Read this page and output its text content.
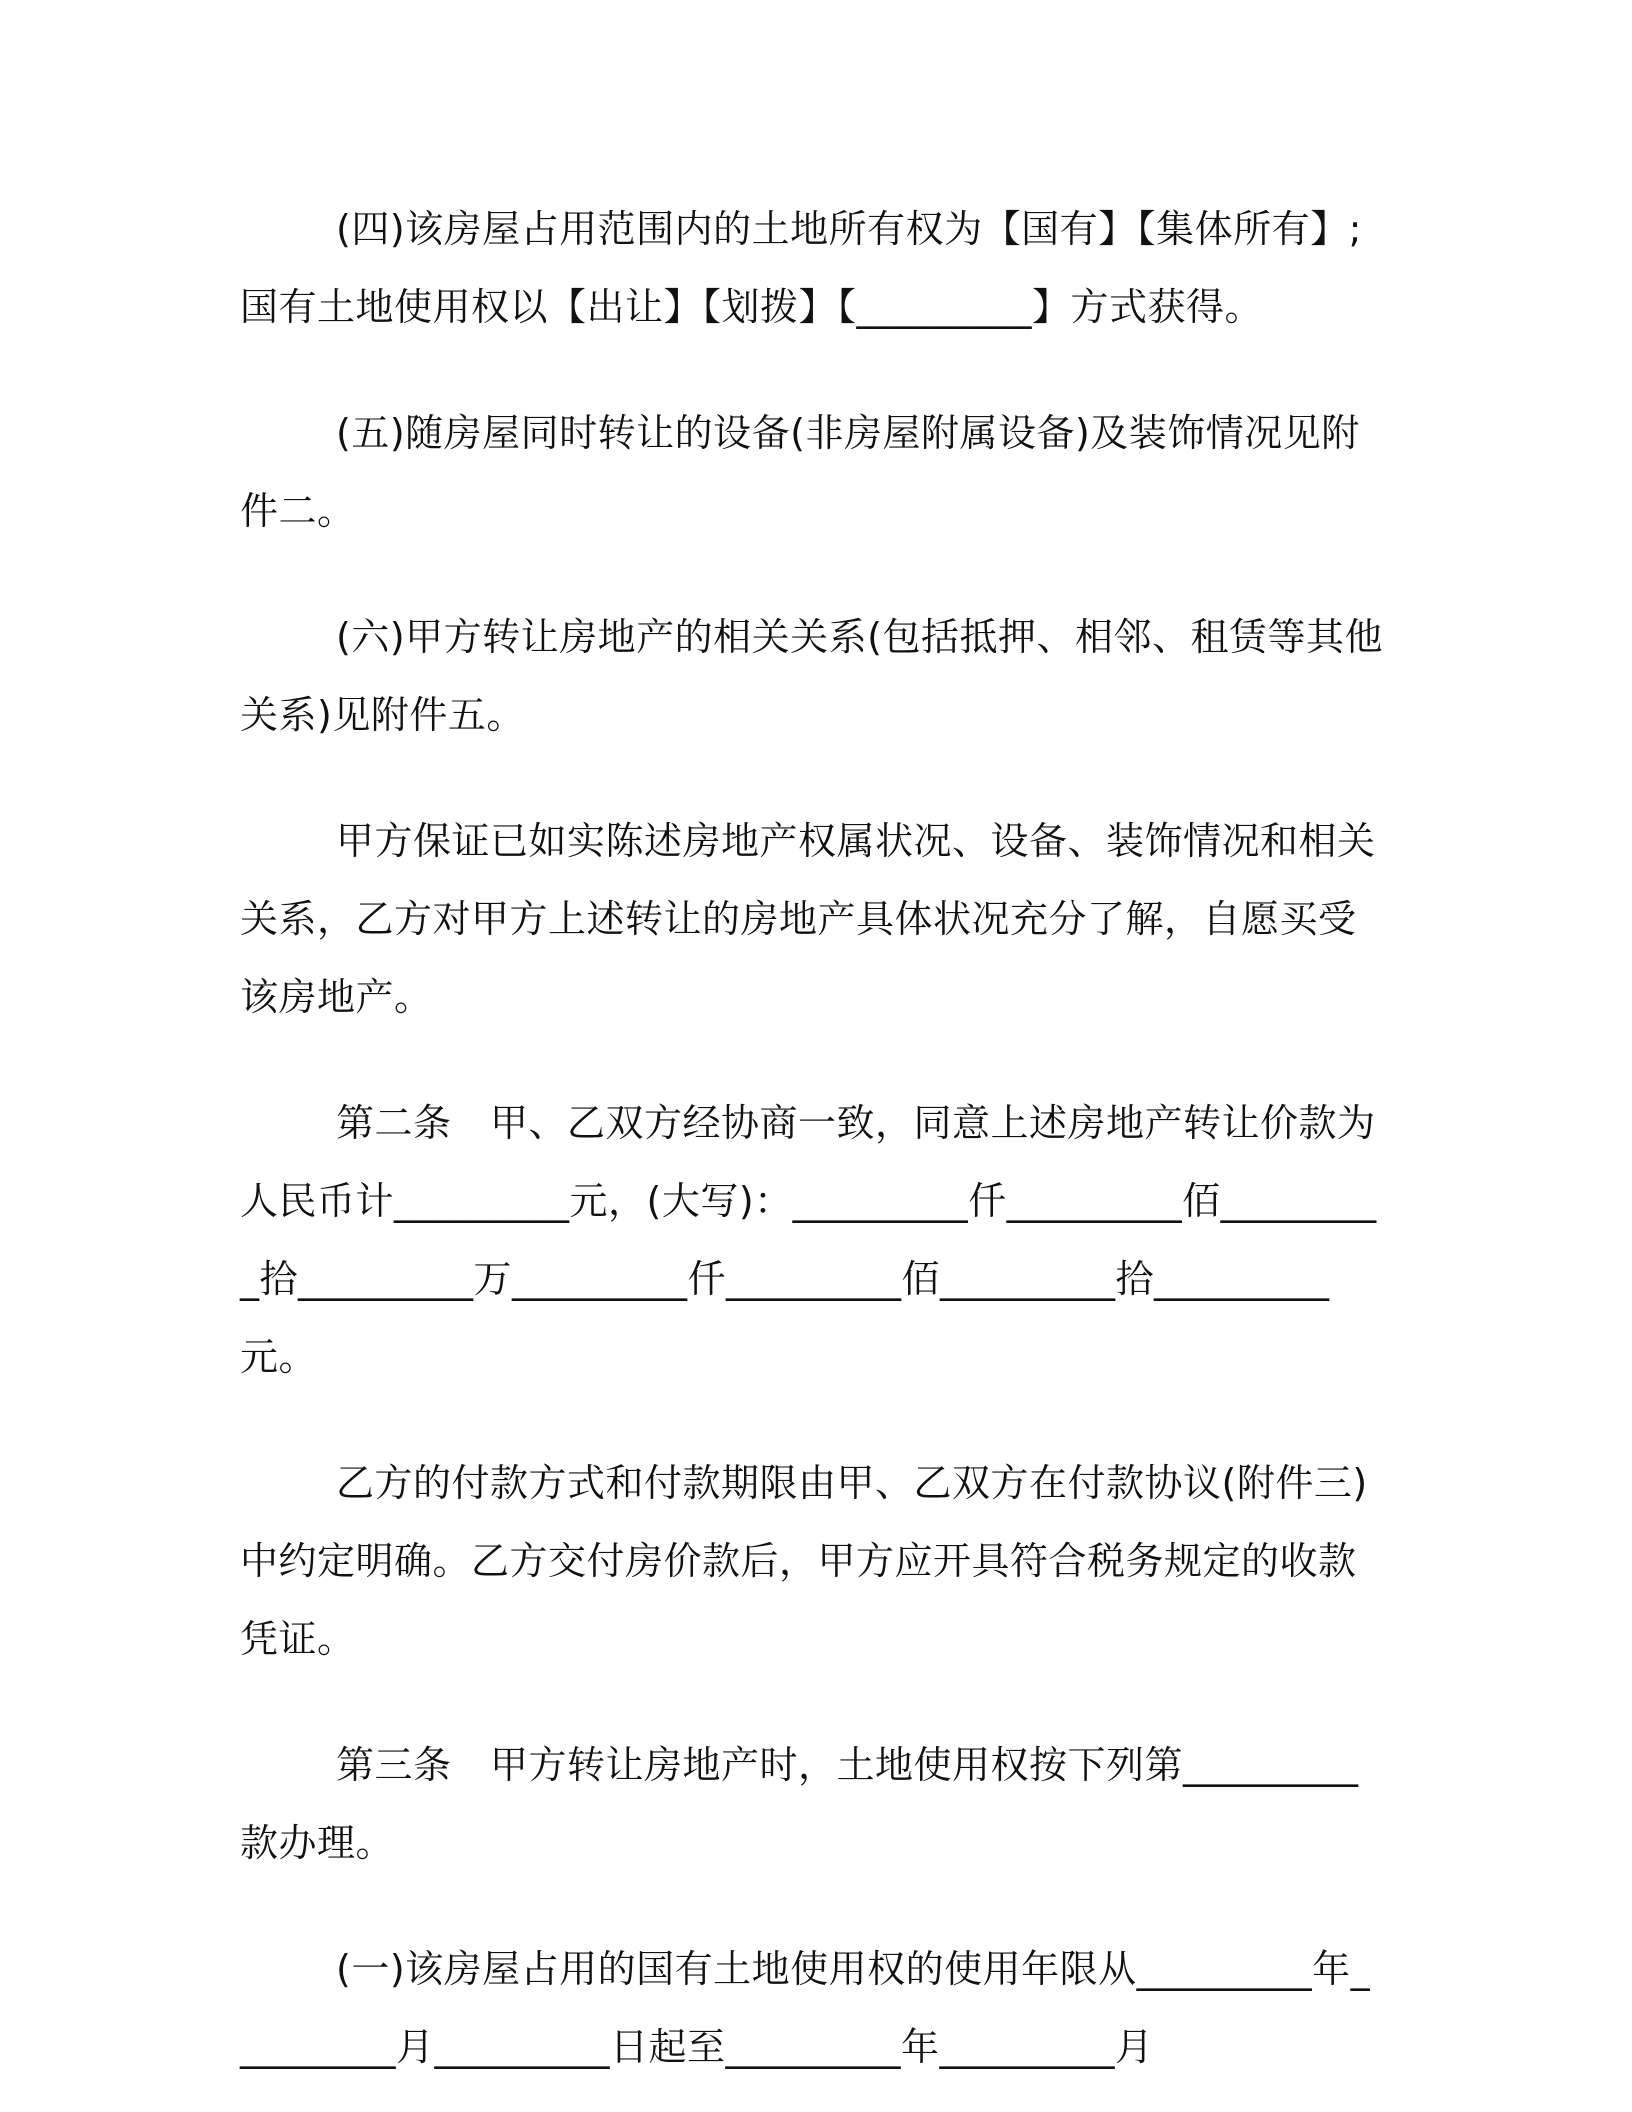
(四)该房屋占用范围内的土地所有权为【国有】【集体所有】;国有土地使用权以【出让】【划拨】【_________】方式获得。

(五)随房屋同时转让的设备(非房屋附属设备)及装饰情况见附件二。

(六)甲方转让房地产的相关关系(包括抵押、相邻、租赁等其他关系)见附件五。

甲方保证已如实陈述房地产权属状况、设备、装饰情况和相关关系，乙方对甲方上述转让的房地产具体状况充分了解，自愿买受该房地产。

第二条　甲、乙双方经协商一致，同意上述房地产转让价款为人民币计_________元，(大写)：_________仟_________佰_________拾_________万_________仟_________佰_________拾_________元。

乙方的付款方式和付款期限由甲、乙双方在付款协议(附件三)中约定明确。乙方交付房价款后，甲方应开具符合税务规定的收款凭证。

第三条　甲方转让房地产时，土地使用权按下列第_________款办理。

(一)该房屋占用的国有土地使用权的使用年限从_________年_________月_________日起至_________年_________月
